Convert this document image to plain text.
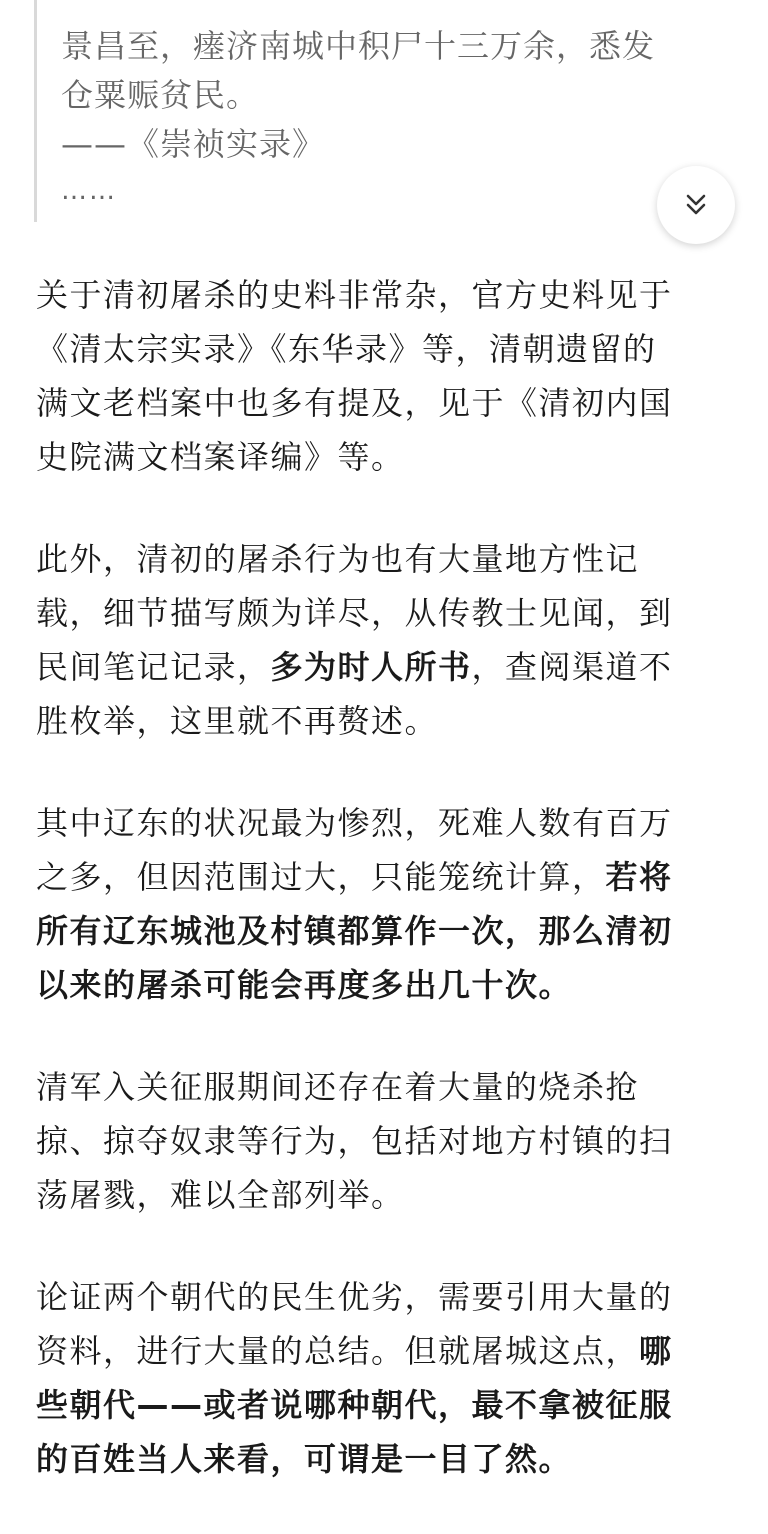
景昌至，瘗济南城中积尸十三万余，悉发
仓粟赈贫民。
——《崇祯实录》
……

关于清初屠杀的史料非常杂，官方史料见于
《清太宗实录》《东华录》等，清朝遗留的
满文老档案中也多有提及，见于《清初内国
史院满文档案译编》等。

此外，清初的屠杀行为也有大量地方性记
载，细节描写颇为详尽，从传教士见闻，到
民间笔记记录，多为时人所书，查阅渠道不
胜枚举，这里就不再赘述。

其中辽东的状况最为惨烈，死难人数有百万
之多，但因范围过大，只能笼统计算，若将
所有辽东城池及村镇都算作一次，那么清初
以来的屠杀可能会再度多出几十次。

清军入关征服期间还存在着大量的烧杀抢
掠、掠夺奴隶等行为，包括对地方村镇的扫
荡屠戮，难以全部列举。

论证两个朝代的民生优劣，需要引用大量的
资料，进行大量的总结。但就屠城这点，哪
些朝代——或者说哪种朝代，最不拿被征服
的百姓当人来看，可谓是一目了然。
